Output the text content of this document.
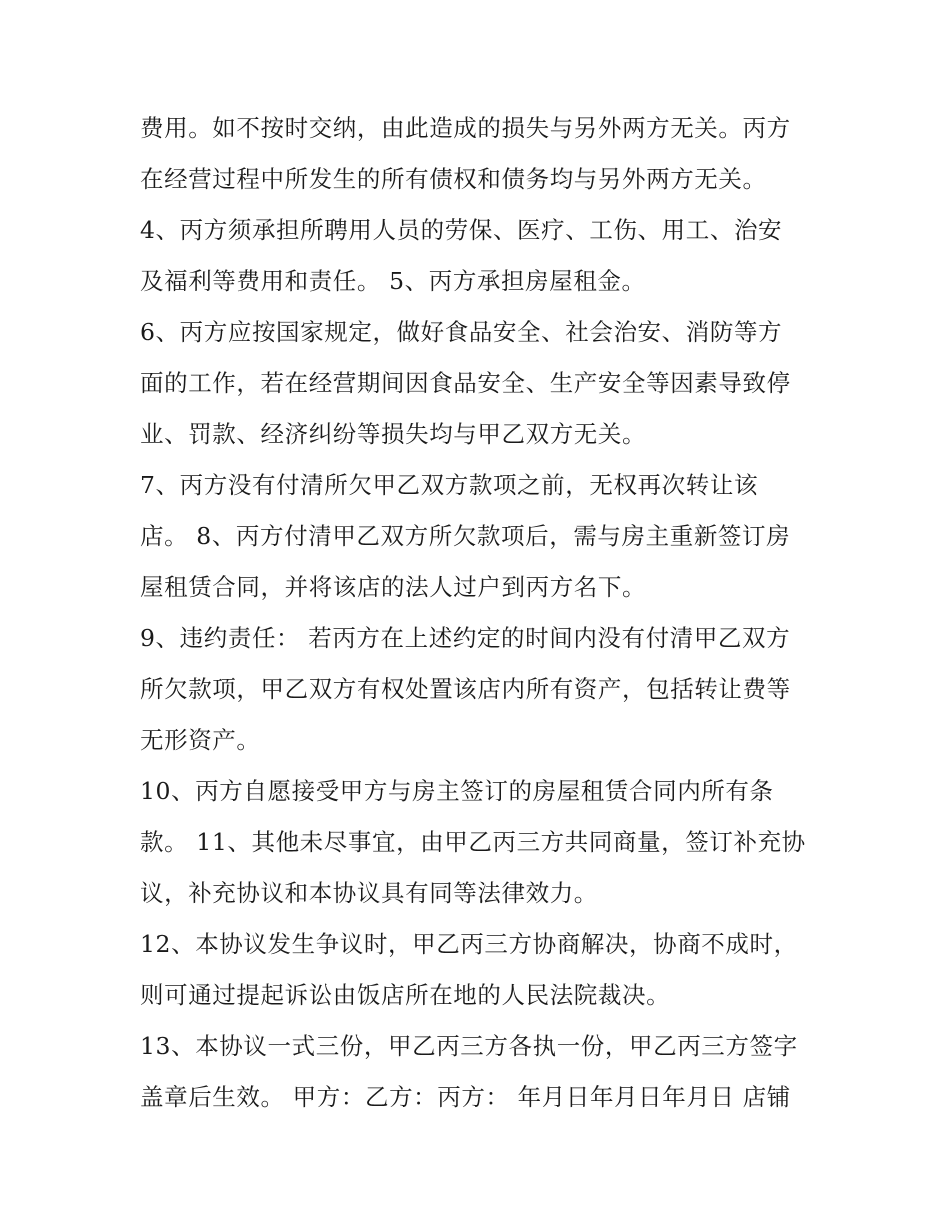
费用。如不按时交纳，由此造成的损失与另外两方无关。丙方
在经营过程中所发生的所有债权和债务均与另外两方无关。
4、丙方须承担所聘用人员的劳保、医疗、工伤、用工、治安
及福利等费用和责任。 5、丙方承担房屋租金。
6、丙方应按国家规定，做好食品安全、社会治安、消防等方
面的工作，若在经营期间因食品安全、生产安全等因素导致停
业、罚款、经济纠纷等损失均与甲乙双方无关。
7、丙方没有付清所欠甲乙双方款项之前，无权再次转让该
店。 8、丙方付清甲乙双方所欠款项后，需与房主重新签订房
屋租赁合同，并将该店的法人过户到丙方名下。
9、违约责任： 若丙方在上述约定的时间内没有付清甲乙双方
所欠款项，甲乙双方有权处置该店内所有资产，包括转让费等
无形资产。
10、丙方自愿接受甲方与房主签订的房屋租赁合同内所有条
款。 11、其他未尽事宜，由甲乙丙三方共同商量，签订补充协
议，补充协议和本协议具有同等法律效力。
12、本协议发生争议时，甲乙丙三方协商解决，协商不成时，
则可通过提起诉讼由饭店所在地的人民法院裁决。
13、本协议一式三份，甲乙丙三方各执一份，甲乙丙三方签字
盖章后生效。 甲方：乙方：丙方： 年月日年月日年月日 店铺
